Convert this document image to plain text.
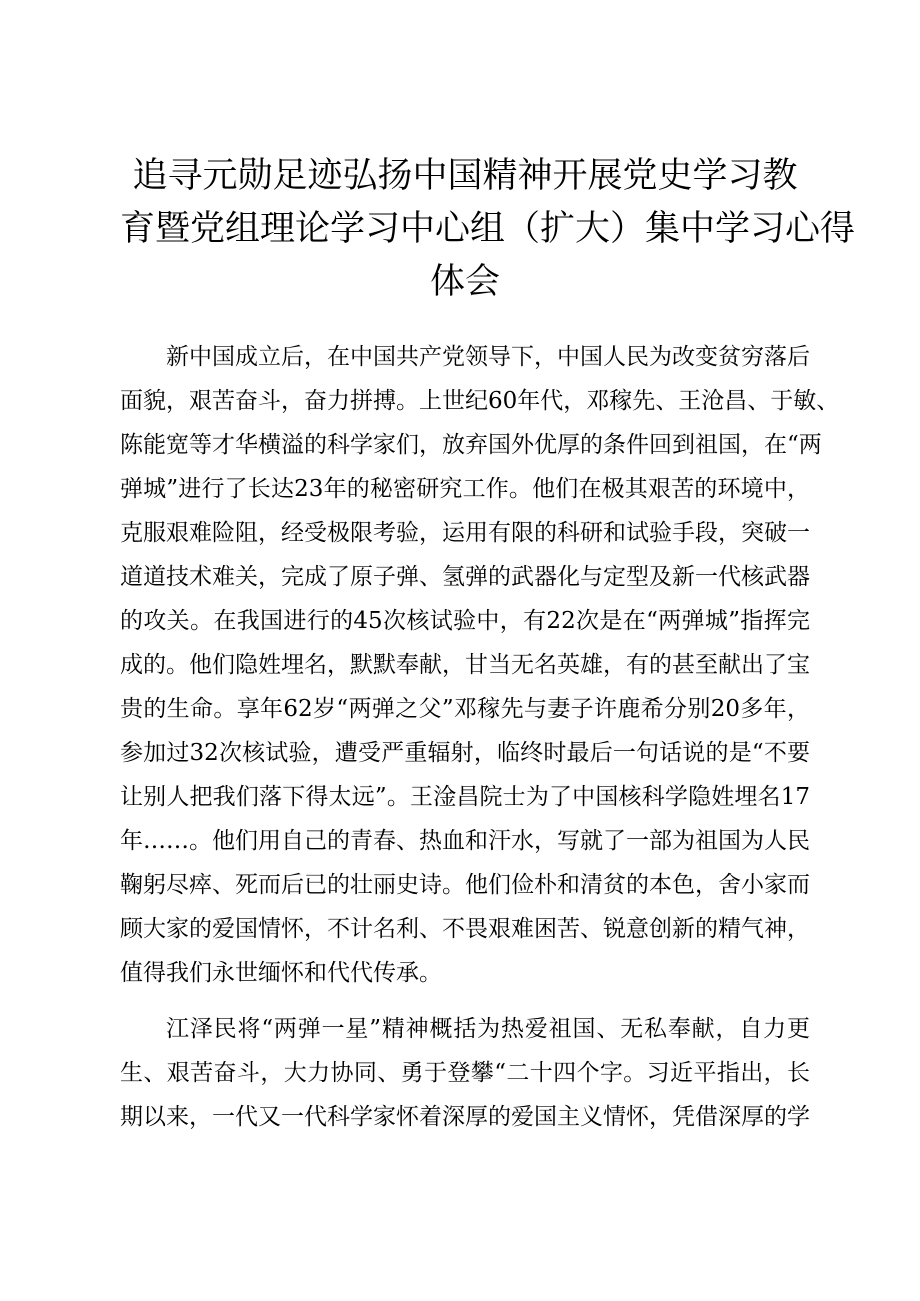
追寻元勋足迹弘扬中国精神开展党史学习教
育暨党组理论学习中心组（扩大）集中学习心得
体会
新中国成立后，在中国共产党领导下，中国人民为改变贫穷落后
面貌，艰苦奋斗，奋力拼搏。上世纪60年代，邓稼先、王沧昌、于敏、
陈能宽等才华横溢的科学家们，放弃国外优厚的条件回到祖国，在“两
弹城”进行了长达23年的秘密研究工作。他们在极其艰苦的环境中，
克服艰难险阻，经受极限考验，运用有限的科研和试验手段，突破一
道道技术难关，完成了原子弹、氢弹的武器化与定型及新一代核武器
的攻关。在我国进行的45次核试验中，有22次是在“两弹城”指挥完
成的。他们隐姓埋名，默默奉献，甘当无名英雄，有的甚至献出了宝
贵的生命。享年62岁“两弹之父”邓稼先与妻子许鹿希分别20多年，
参加过32次核试验，遭受严重辐射，临终时最后一句话说的是“不要
让别人把我们落下得太远”。王淦昌院士为了中国核科学隐姓埋名17
年……。他们用自己的青春、热血和汗水，写就了一部为祖国为人民
鞠躬尽瘁、死而后已的壮丽史诗。他们俭朴和清贫的本色，舍小家而
顾大家的爱国情怀，不计名利、不畏艰难困苦、锐意创新的精气神，
值得我们永世缅怀和代代传承。
江泽民将“两弹一星”精神概括为热爱祖国、无私奉献，自力更
生、艰苦奋斗，大力协同、勇于登攀“二十四个字。习近平指出，长
期以来，一代又一代科学家怀着深厚的爱国主义情怀，凭借深厚的学
